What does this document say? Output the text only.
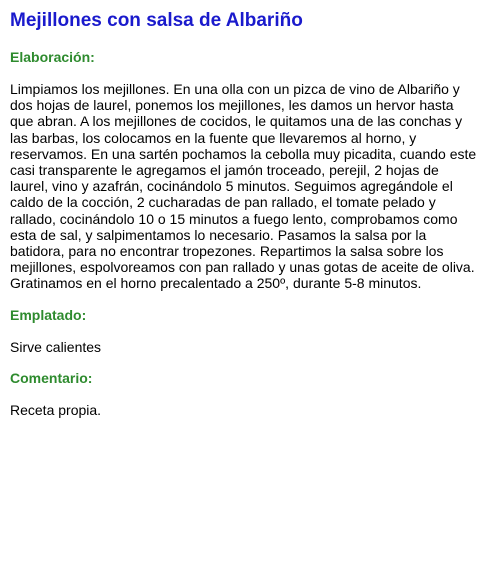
Mejillones con salsa de Albariño
Elaboración:
Limpiamos los mejillones. En una olla con un pizca de vino de Albariño y dos hojas de laurel, ponemos los mejillones, les damos un hervor hasta que abran. A los mejillones de cocidos, le quitamos una de las conchas y las barbas, los colocamos en la fuente que llevaremos al horno, y reservamos. En una sartén pochamos la cebolla muy picadita, cuando este casi transparente le agregamos el jamón troceado, perejil, 2 hojas de laurel, vino y azafrán, cocinándolo 5 minutos. Seguimos agregándole el caldo de la cocción, 2 cucharadas de pan rallado, el tomate pelado y rallado, cocinándolo 10 o 15 minutos a fuego lento, comprobamos como esta de sal, y salpimentamos lo necesario. Pasamos la salsa por la batidora, para no encontrar tropezones. Repartimos la salsa sobre los mejillones, espolvoreamos con pan rallado y unas gotas de aceite de oliva. Gratinamos en el horno precalentado a 250º, durante 5-8 minutos.
Emplatado:
Sirve calientes
Comentario:
Receta propia.
